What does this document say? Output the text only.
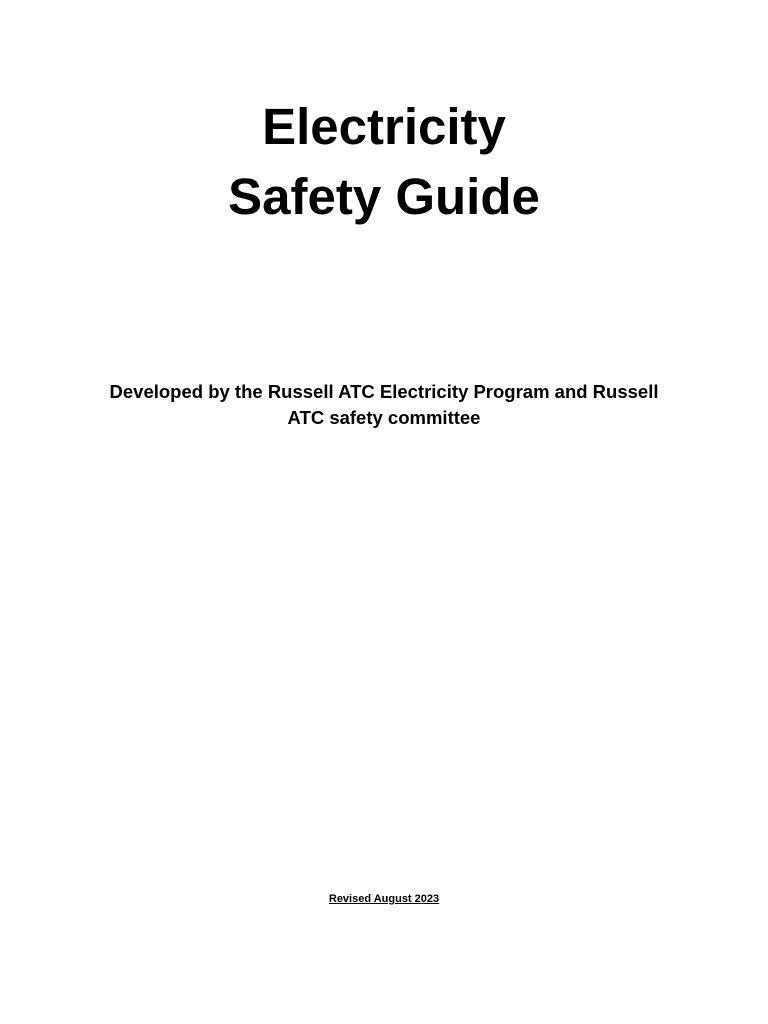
Electricity
Safety Guide

Developed by the Russell ATC Electricity Program and Russell ATC safety committee

Revised August 2023
